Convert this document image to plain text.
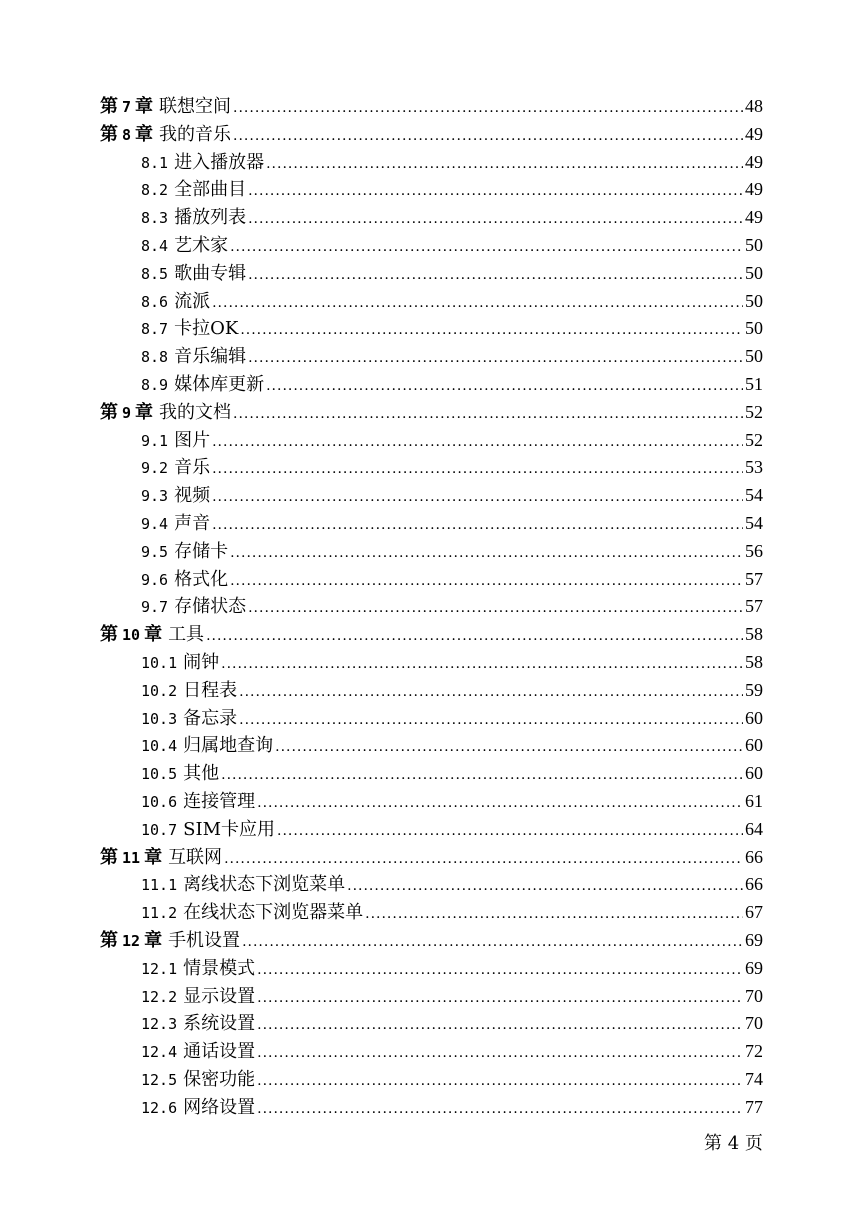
第 7 章 联想空间 .....	48
第 8 章 我的音乐 .....	49
8.1 进入播放器 .....	49
8.2 全部曲目 .....	49
8.3 播放列表 .....	49
8.4 艺术家 .....	50
8.5 歌曲专辑 .....	50
8.6 流派 .....	50
8.7 卡拉OK .....	50
8.8 音乐编辑 .....	50
8.9 媒体库更新 .....	51
第 9 章 我的文档 .....	52
9.1 图片 .....	52
9.2 音乐 .....	53
9.3 视频 .....	54
9.4 声音 .....	54
9.5 存储卡 .....	56
9.6 格式化 .....	57
9.7 存储状态 .....	57
第 10 章 工具 .....	58
10.1 闹钟 .....	58
10.2 日程表 .....	59
10.3 备忘录 .....	60
10.4 归属地查询 .....	60
10.5 其他 .....	60
10.6 连接管理 .....	61
10.7 SIM卡应用 .....	64
第 11 章 互联网 .....	66
11.1 离线状态下浏览菜单 .....	66
11.2 在线状态下浏览器菜单 .....	67
第 12 章 手机设置 .....	69
12.1 情景模式 .....	69
12.2 显示设置 .....	70
12.3 系统设置 .....	70
12.4 通话设置 .....	72
12.5 保密功能 .....	74
12.6 网络设置 .....	77
第 4 页
